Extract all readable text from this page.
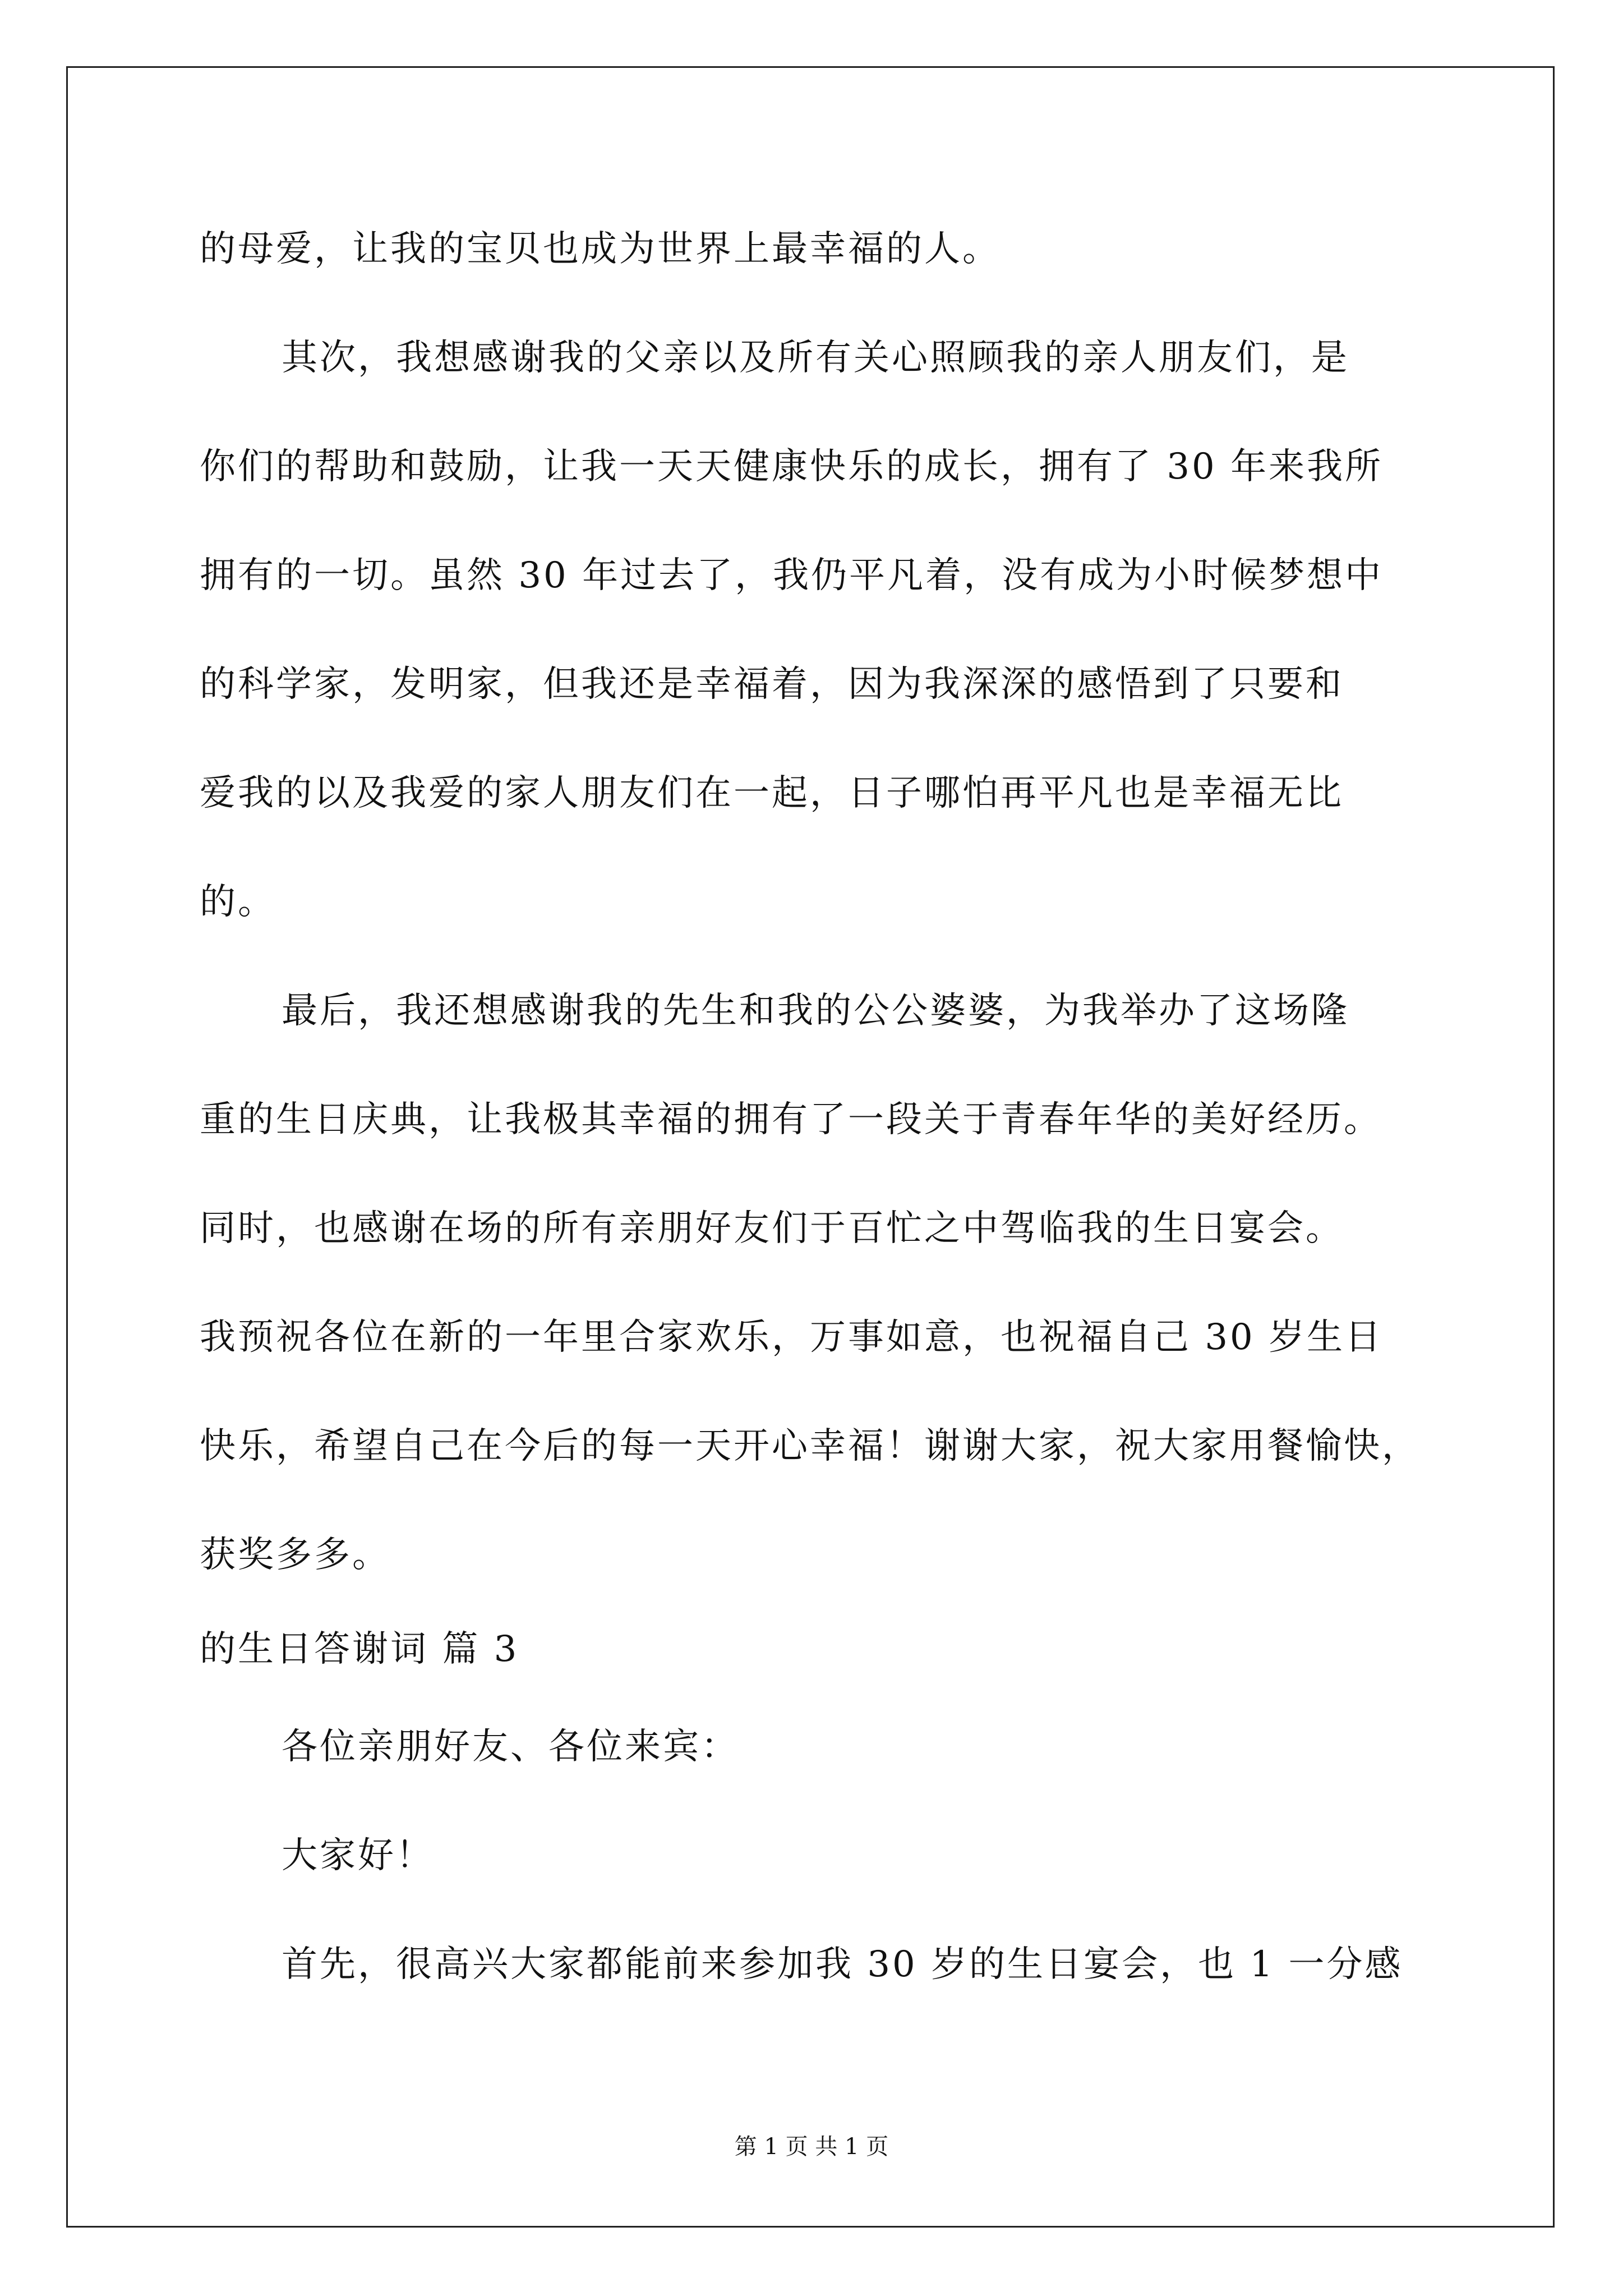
的母爱，让我的宝贝也成为世界上最幸福的人。
其次，我想感谢我的父亲以及所有关心照顾我的亲人朋友们，是
你们的帮助和鼓励，让我一天天健康快乐的成长，拥有了 30 年来我所
拥有的一切。虽然 30 年过去了，我仍平凡着，没有成为小时候梦想中
的科学家，发明家，但我还是幸福着，因为我深深的感悟到了只要和
爱我的以及我爱的家人朋友们在一起，日子哪怕再平凡也是幸福无比
的。
最后，我还想感谢我的先生和我的公公婆婆，为我举办了这场隆
重的生日庆典，让我极其幸福的拥有了一段关于青春年华的美好经历。
同时，也感谢在场的所有亲朋好友们于百忙之中驾临我的生日宴会。
我预祝各位在新的一年里合家欢乐，万事如意，也祝福自己 30 岁生日
快乐，希望自己在今后的每一天开心幸福！谢谢大家，祝大家用餐愉快，
获奖多多。
的生日答谢词 篇 3
各位亲朋好友、各位来宾：
大家好！
首先，很高兴大家都能前来参加我 30 岁的生日宴会，也 1 一分感
第 1 页 共 1 页
